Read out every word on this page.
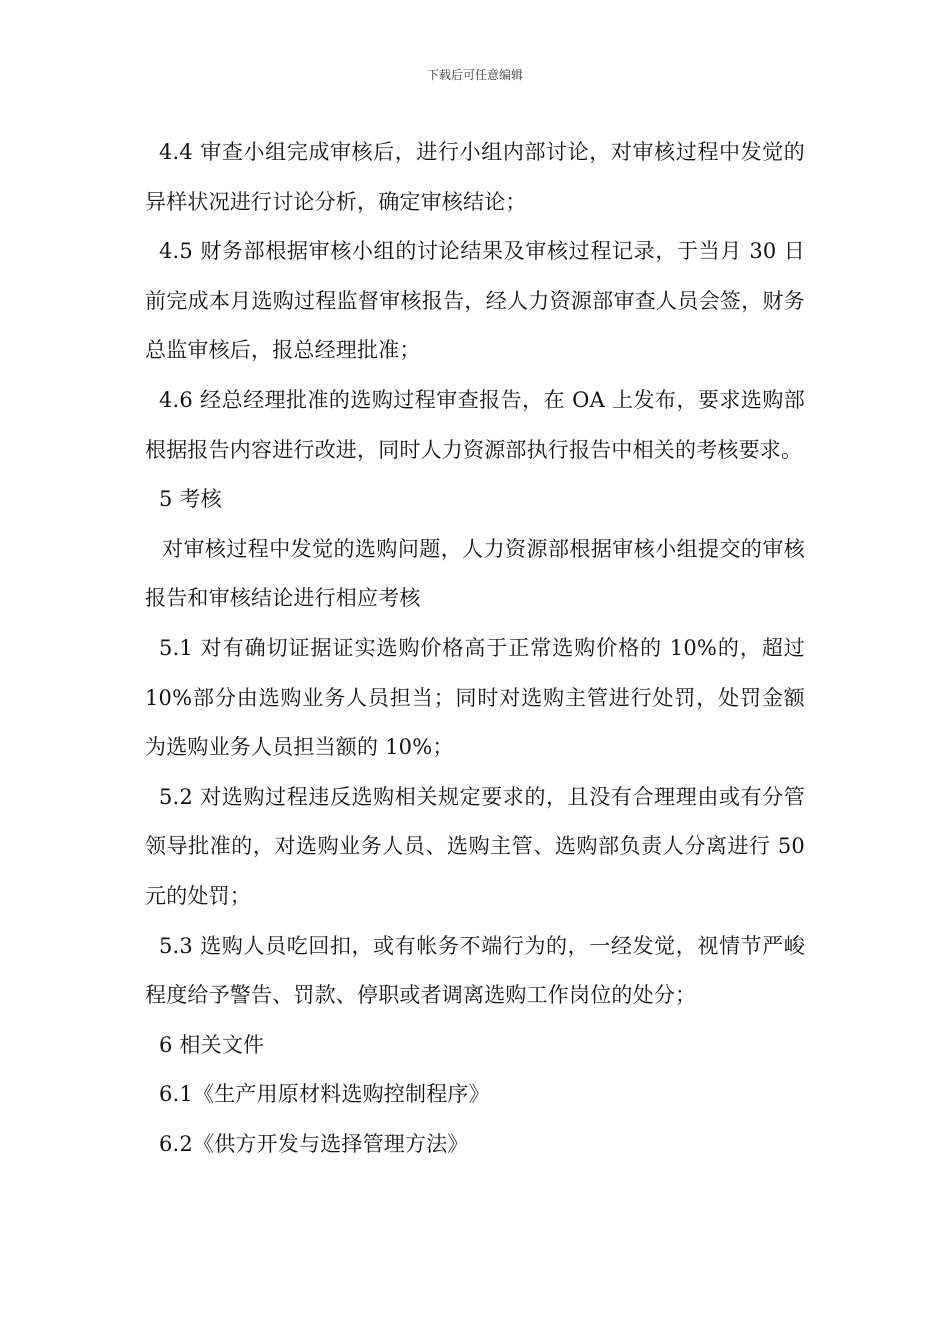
下载后可任意编辑

4.4 审查小组完成审核后，进行小组内部讨论，对审核过程中发觉的异样状况进行讨论分析，确定审核结论；

4.5 财务部根据审核小组的讨论结果及审核过程记录，于当月 30 日前完成本月选购过程监督审核报告，经人力资源部审查人员会签，财务总监审核后，报总经理批准；

4.6 经总经理批准的选购过程审查报告，在 OA 上发布，要求选购部根据报告内容进行改进，同时人力资源部执行报告中相关的考核要求。

5 考核

对审核过程中发觉的选购问题，人力资源部根据审核小组提交的审核报告和审核结论进行相应考核

5.1 对有确切证据证实选购价格高于正常选购价格的 10%的，超过 10%部分由选购业务人员担当；同时对选购主管进行处罚，处罚金额为选购业务人员担当额的 10%；

5.2 对选购过程违反选购相关规定要求的，且没有合理理由或有分管领导批准的，对选购业务人员、选购主管、选购部负责人分离进行 50 元的处罚；

5.3 选购人员吃回扣，或有帐务不端行为的，一经发觉，视情节严峻程度给予警告、罚款、停职或者调离选购工作岗位的处分；

6 相关文件

6.1《生产用原材料选购控制程序》

6.2《供方开发与选择管理方法》
